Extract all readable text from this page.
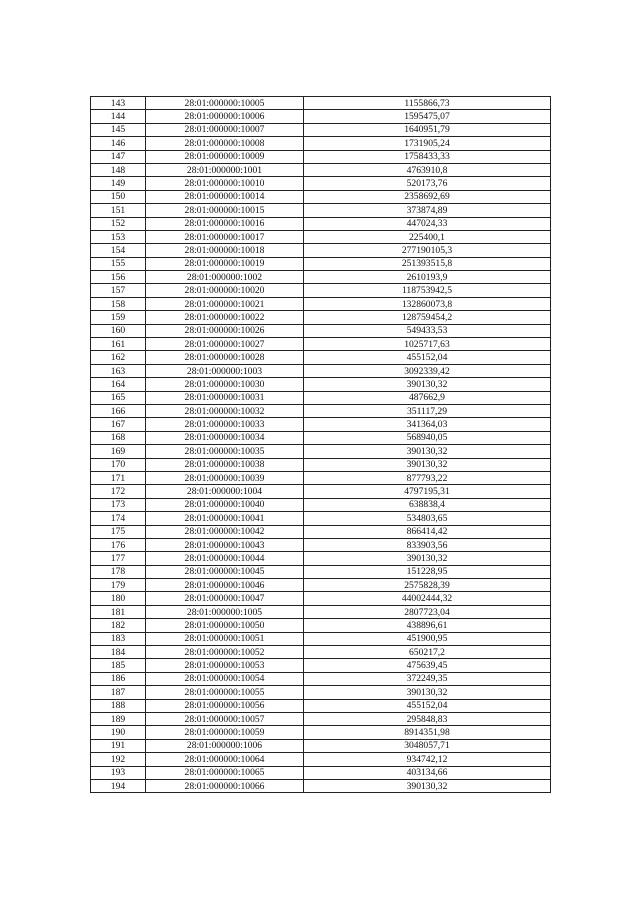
143	28:01:000000:10005	1155866,73
144	28:01:000000:10006	1595475,07
145	28:01:000000:10007	1640951,79
146	28:01:000000:10008	1731905,24
147	28:01:000000:10009	1758433,33
148	28:01:000000:1001	4763910,8
149	28:01:000000:10010	520173,76
150	28:01:000000:10014	2358692,69
151	28:01:000000:10015	373874,89
152	28:01:000000:10016	447024,33
153	28:01:000000:10017	225400,1
154	28:01:000000:10018	277190105,3
155	28:01:000000:10019	251393515,8
156	28:01:000000:1002	2610193,9
157	28:01:000000:10020	118753942,5
158	28:01:000000:10021	132860073,8
159	28:01:000000:10022	128759454,2
160	28:01:000000:10026	549433,53
161	28:01:000000:10027	1025717,63
162	28:01:000000:10028	455152,04
163	28:01:000000:1003	3092339,42
164	28:01:000000:10030	390130,32
165	28:01:000000:10031	487662,9
166	28:01:000000:10032	351117,29
167	28:01:000000:10033	341364,03
168	28:01:000000:10034	568940,05
169	28:01:000000:10035	390130,32
170	28:01:000000:10038	390130,32
171	28:01:000000:10039	877793,22
172	28:01:000000:1004	4797195,31
173	28:01:000000:10040	638838,4
174	28:01:000000:10041	534803,65
175	28:01:000000:10042	866414,42
176	28:01:000000:10043	833903,56
177	28:01:000000:10044	390130,32
178	28:01:000000:10045	151228,95
179	28:01:000000:10046	2575828,39
180	28:01:000000:10047	44002444,32
181	28:01:000000:1005	2807723,04
182	28:01:000000:10050	438896,61
183	28:01:000000:10051	451900,95
184	28:01:000000:10052	650217,2
185	28:01:000000:10053	475639,45
186	28:01:000000:10054	372249,35
187	28:01:000000:10055	390130,32
188	28:01:000000:10056	455152,04
189	28:01:000000:10057	295848,83
190	28:01:000000:10059	8914351,98
191	28:01:000000:1006	3048057,71
192	28:01:000000:10064	934742,12
193	28:01:000000:10065	403134,66
194	28:01:000000:10066	390130,32
